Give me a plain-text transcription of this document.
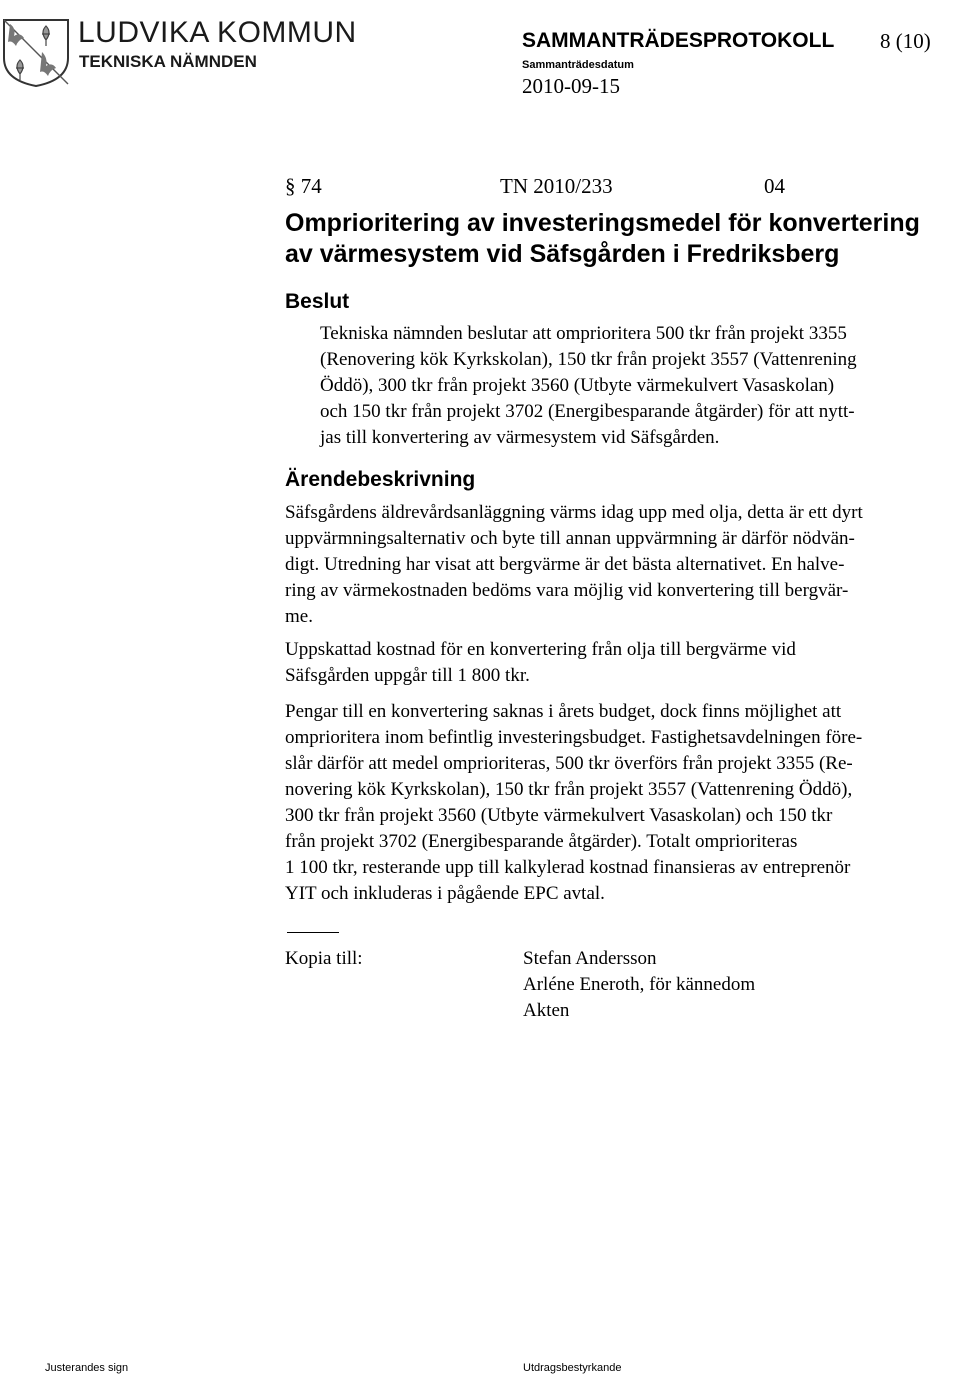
LUDVIKA KOMMUN
TEKNISKA NÄMNDEN
SAMMANTRÄDESPROTOKOLL 8 (10)
Sammanträdesdatum
2010-09-15
§ 74	TN 2010/233	04
Omprioritering av investeringsmedel för konvertering av värmesystem vid Säfsgården i Fredriksberg
Beslut
Tekniska nämnden beslutar att omprioritera 500 tkr från projekt 3355
(Renovering kök Kyrkskolan), 150 tkr från projekt 3557 (Vattenrening
Öddö), 300 tkr från projekt 3560 (Utbyte värmekulvert Vasaskolan)
och 150 tkr från projekt 3702 (Energibesparande åtgärder) för att nytt-
jas till konvertering av värmesystem vid Säfsgården.
Ärendebeskrivning
Säfsgårdens äldrevårdsanläggning värms idag upp med olja, detta är ett dyrt
uppvärmningsalternativ och byte till annan uppvärmning är därför nödvän-
digt. Utredning har visat att bergvärme är det bästa alternativet. En halve-
ring av värmekostnaden bedöms vara möjlig vid konvertering till bergvär-
me.
Uppskattad kostnad för en konvertering från olja till bergvärme vid
Säfsgården uppgår till 1 800 tkr.
Pengar till en konvertering saknas i årets budget, dock finns möjlighet att
omprioritera inom befintlig investeringsbudget. Fastighetsavdelningen före-
slår därför att medel omprioriteras, 500 tkr överförs från projekt 3355 (Re-
novering kök Kyrkskolan), 150 tkr från projekt 3557 (Vattenrening Öddö),
300 tkr från projekt 3560 (Utbyte värmekulvert Vasaskolan) och 150 tkr
från projekt 3702 (Energibesparande åtgärder). Totalt omprioriteras
1 100 tkr, resterande upp till kalkylerad kostnad finansieras av entreprenör
YIT och inkluderas i pågående EPC avtal.
Kopia till:	Stefan Andersson
Arléne Eneroth, för kännedom
Akten
Justerandes sign	Utdragsbestyrkande
